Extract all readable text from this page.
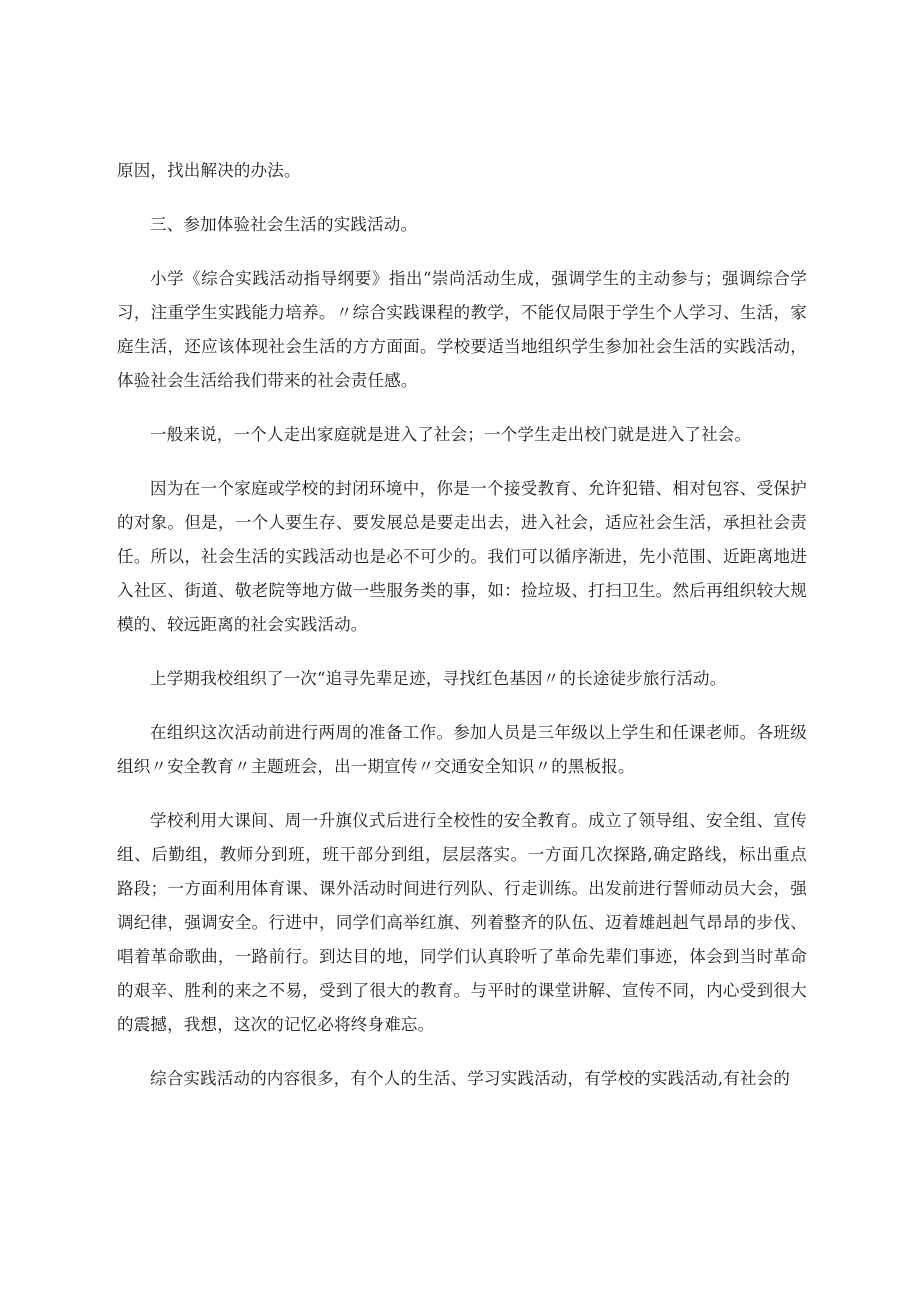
原因，找出解决的办法。

三、参加体验社会生活的实践活动。

小学《综合实践活动指导纲要》指出“崇尚活动生成，强调学生的主动参与；强调综合学习，注重学生实践能力培养。〃综合实践课程的教学，不能仅局限于学生个人学习、生活，家庭生活，还应该体现社会生活的方方面面。学校要适当地组织学生参加社会生活的实践活动，体验社会生活给我们带来的社会责任感。

一般来说，一个人走出家庭就是进入了社会；一个学生走出校门就是进入了社会。

因为在一个家庭或学校的封闭环境中，你是一个接受教育、允许犯错、相对包容、受保护的对象。但是，一个人要生存、要发展总是要走出去，进入社会，适应社会生活，承担社会责任。所以，社会生活的实践活动也是必不可少的。我们可以循序渐进，先小范围、近距离地进入社区、街道、敬老院等地方做一些服务类的事，如：捡垃圾、打扫卫生。然后再组织较大规模的、较远距离的社会实践活动。

上学期我校组织了一次“追寻先辈足迹，寻找红色基因〃的长途徒步旅行活动。

在组织这次活动前进行两周的准备工作。参加人员是三年级以上学生和任课老师。各班级组织〃安全教育〃主题班会，出一期宣传〃交通安全知识〃的黑板报。

学校利用大课间、周一升旗仪式后进行全校性的安全教育。成立了领导组、安全组、宣传组、后勤组，教师分到班，班干部分到组，层层落实。一方面几次探路,确定路线，标出重点路段；一方面利用体育课、课外活动时间进行列队、行走训练。出发前进行誓师动员大会，强调纪律，强调安全。行进中，同学们高举红旗、列着整齐的队伍、迈着雄赳赳气昂昂的步伐、唱着革命歌曲，一路前行。到达目的地，同学们认真聆听了革命先辈们事迹，体会到当时革命的艰辛、胜利的来之不易，受到了很大的教育。与平时的课堂讲解、宣传不同，内心受到很大的震撼，我想，这次的记忆必将终身难忘。

综合实践活动的内容很多，有个人的生活、学习实践活动，有学校的实践活动,有社会的
